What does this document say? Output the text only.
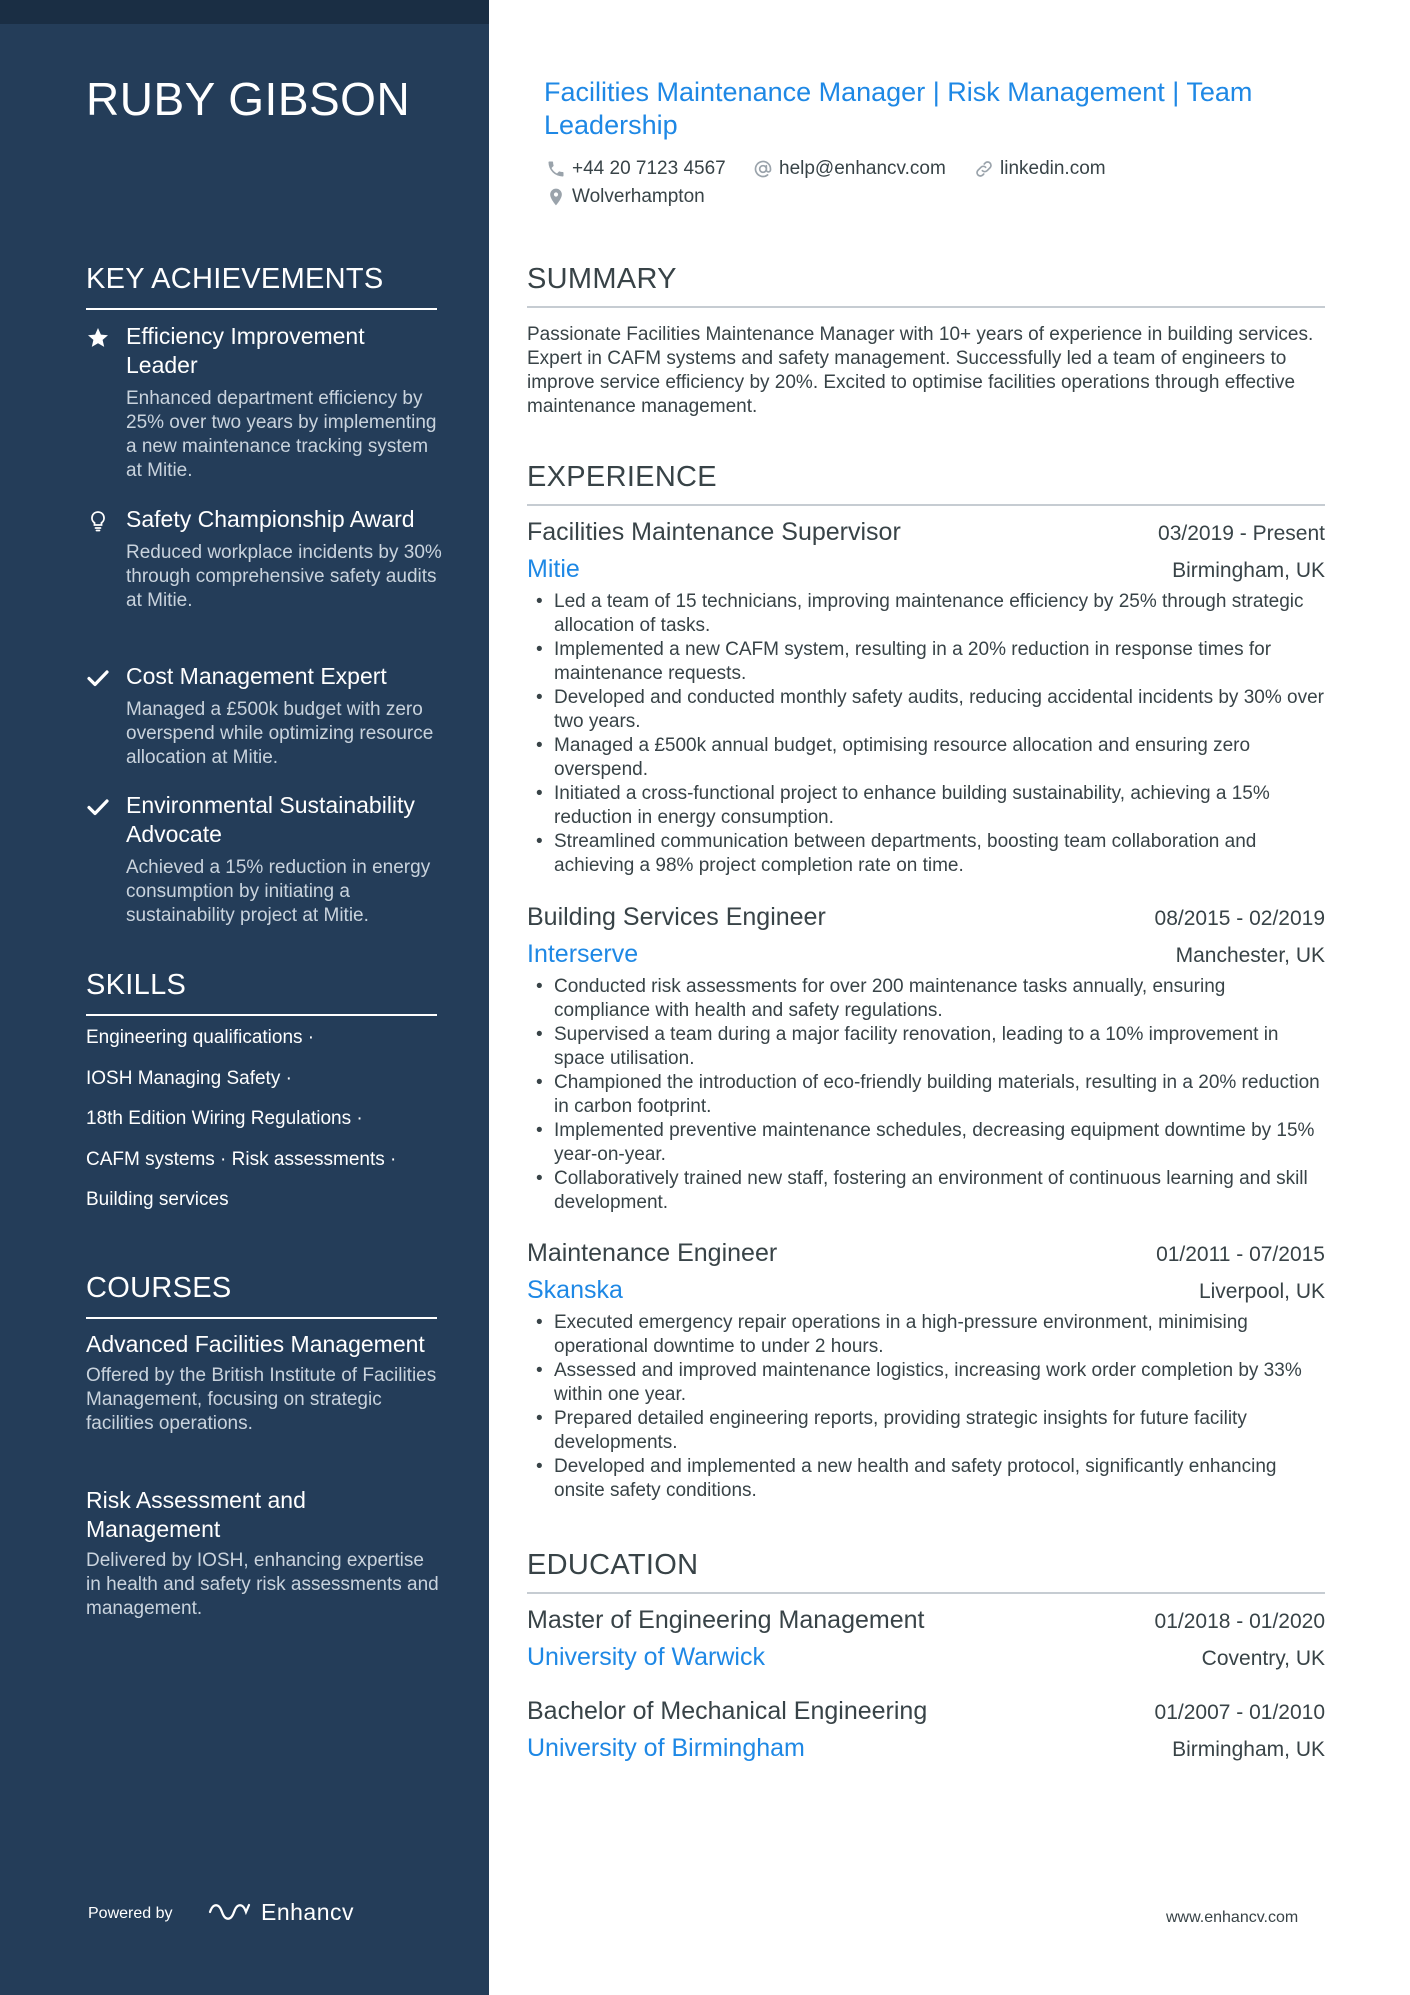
RUBY GIBSON
KEY ACHIEVEMENTS
Efficiency Improvement Leader
Enhanced department efficiency by 25% over two years by implementing a new maintenance tracking system at Mitie.
Safety Championship Award
Reduced workplace incidents by 30% through comprehensive safety audits at Mitie.
Cost Management Expert
Managed a £500k budget with zero overspend while optimizing resource allocation at Mitie.
Environmental Sustainability Advocate
Achieved a 15% reduction in energy consumption by initiating a sustainability project at Mitie.
SKILLS
Engineering qualifications ·
IOSH Managing Safety ·
18th Edition Wiring Regulations ·
CAFM systems · Risk assessments ·
Building services
COURSES
Advanced Facilities Management
Offered by the British Institute of Facilities Management, focusing on strategic facilities operations.
Risk Assessment and Management
Delivered by IOSH, enhancing expertise in health and safety risk assessments and management.
Powered by	Enhancv
Facilities Maintenance Manager | Risk Management | Team Leadership
+44 20 7123 4567	help@enhancv.com	linkedin.com
Wolverhampton
SUMMARY
Passionate Facilities Maintenance Manager with 10+ years of experience in building services. Expert in CAFM systems and safety management. Successfully led a team of engineers to improve service efficiency by 20%. Excited to optimise facilities operations through effective maintenance management.
EXPERIENCE
Facilities Maintenance Supervisor	03/2019 - Present
Mitie	Birmingham, UK
• Led a team of 15 technicians, improving maintenance efficiency by 25% through strategic allocation of tasks.
• Implemented a new CAFM system, resulting in a 20% reduction in response times for maintenance requests.
• Developed and conducted monthly safety audits, reducing accidental incidents by 30% over two years.
• Managed a £500k annual budget, optimising resource allocation and ensuring zero overspend.
• Initiated a cross-functional project to enhance building sustainability, achieving a 15% reduction in energy consumption.
• Streamlined communication between departments, boosting team collaboration and achieving a 98% project completion rate on time.
Building Services Engineer	08/2015 - 02/2019
Interserve	Manchester, UK
• Conducted risk assessments for over 200 maintenance tasks annually, ensuring compliance with health and safety regulations.
• Supervised a team during a major facility renovation, leading to a 10% improvement in space utilisation.
• Championed the introduction of eco-friendly building materials, resulting in a 20% reduction in carbon footprint.
• Implemented preventive maintenance schedules, decreasing equipment downtime by 15% year-on-year.
• Collaboratively trained new staff, fostering an environment of continuous learning and skill development.
Maintenance Engineer	01/2011 - 07/2015
Skanska	Liverpool, UK
• Executed emergency repair operations in a high-pressure environment, minimising operational downtime to under 2 hours.
• Assessed and improved maintenance logistics, increasing work order completion by 33% within one year.
• Prepared detailed engineering reports, providing strategic insights for future facility developments.
• Developed and implemented a new health and safety protocol, significantly enhancing onsite safety conditions.
EDUCATION
Master of Engineering Management	01/2018 - 01/2020
University of Warwick	Coventry, UK
Bachelor of Mechanical Engineering	01/2007 - 01/2010
University of Birmingham	Birmingham, UK
www.enhancv.com
